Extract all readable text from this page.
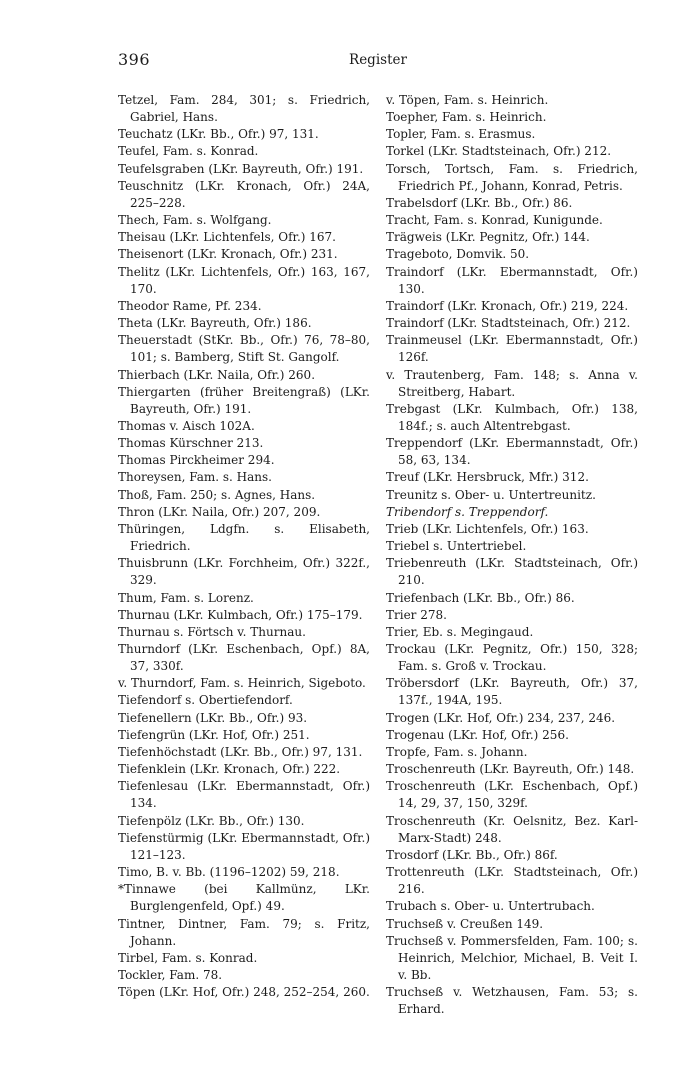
396	Register
Tetzel, Fam. 284, 301; s. Friedrich, Gabriel, Hans.
Teuchatz (LKr. Bb., Ofr.) 97, 131.
Teufel, Fam. s. Konrad.
Teufelsgraben (LKr. Bayreuth, Ofr.) 191.
Teuschnitz (LKr. Kronach, Ofr.) 24A, 225–228.
Thech, Fam. s. Wolfgang.
Theisau (LKr. Lichtenfels, Ofr.) 167.
Theisenort (LKr. Kronach, Ofr.) 231.
Thelitz (LKr. Lichtenfels, Ofr.) 163, 167, 170.
Theodor Rame, Pf. 234.
Theta (LKr. Bayreuth, Ofr.) 186.
Theuerstadt (StKr. Bb., Ofr.) 76, 78–80, 101; s. Bamberg, Stift St. Gangolf.
Thierbach (LKr. Naila, Ofr.) 260.
Thiergarten (früher Breitengraß) (LKr. Bayreuth, Ofr.) 191.
Thomas v. Aisch 102A.
Thomas Kürschner 213.
Thomas Pirckheimer 294.
Thoreysen, Fam. s. Hans.
Thoß, Fam. 250; s. Agnes, Hans.
Thron (LKr. Naila, Ofr.) 207, 209.
Thüringen, Ldgfn. s. Elisabeth, Friedrich.
Thuisbrunn (LKr. Forchheim, Ofr.) 322f., 329.
Thum, Fam. s. Lorenz.
Thurnau (LKr. Kulmbach, Ofr.) 175–179.
Thurnau s. Förtsch v. Thurnau.
Thurndorf (LKr. Eschenbach, Opf.) 8A, 37, 330f.
v. Thurndorf, Fam. s. Heinrich, Sigeboto.
Tiefendorf s. Obertiefendorf.
Tiefenellern (LKr. Bb., Ofr.) 93.
Tiefengrün (LKr. Hof, Ofr.) 251.
Tiefenhöchstadt (LKr. Bb., Ofr.) 97, 131.
Tiefenklein (LKr. Kronach, Ofr.) 222.
Tiefenlesau (LKr. Ebermannstadt, Ofr.) 134.
Tiefenpölz (LKr. Bb., Ofr.) 130.
Tiefenstürmig (LKr. Ebermannstadt, Ofr.) 121–123.
Timo, B. v. Bb. (1196–1202) 59, 218.
*Tinnawe (bei Kallmünz, LKr. Burglengenfeld, Opf.) 49.
Tintner, Dintner, Fam. 79; s. Fritz, Johann.
Tirbel, Fam. s. Konrad.
Tockler, Fam. 78.
Töpen (LKr. Hof, Ofr.) 248, 252–254, 260.
v. Töpen, Fam. s. Heinrich.
Toepher, Fam. s. Heinrich.
Topler, Fam. s. Erasmus.
Torkel (LKr. Stadtsteinach, Ofr.) 212.
Torsch, Tortsch, Fam. s. Friedrich, Friedrich Pf., Johann, Konrad, Petris.
Trabelsdorf (LKr. Bb., Ofr.) 86.
Tracht, Fam. s. Konrad, Kunigunde.
Trägweis (LKr. Pegnitz, Ofr.) 144.
Trageboto, Domvik. 50.
Traindorf (LKr. Ebermannstadt, Ofr.) 130.
Traindorf (LKr. Kronach, Ofr.) 219, 224.
Traindorf (LKr. Stadtsteinach, Ofr.) 212.
Trainmeusel (LKr. Ebermannstadt, Ofr.) 126f.
v. Trautenberg, Fam. 148; s. Anna v. Streitberg, Habart.
Trebgast (LKr. Kulmbach, Ofr.) 138, 184f.; s. auch Altentrebgast.
Treppendorf (LKr. Ebermannstadt, Ofr.) 58, 63, 134.
Treuf (LKr. Hersbruck, Mfr.) 312.
Treunitz s. Ober- u. Untertreunitz.
Tribendorf s. Treppendorf.
Trieb (LKr. Lichtenfels, Ofr.) 163.
Triebel s. Untertriebel.
Triebenreuth (LKr. Stadtsteinach, Ofr.) 210.
Triefenbach (LKr. Bb., Ofr.) 86.
Trier 278.
Trier, Eb. s. Megingaud.
Trockau (LKr. Pegnitz, Ofr.) 150, 328; Fam. s. Groß v. Trockau.
Tröbersdorf (LKr. Bayreuth, Ofr.) 37, 137f., 194A, 195.
Trogen (LKr. Hof, Ofr.) 234, 237, 246.
Trogenau (LKr. Hof, Ofr.) 256.
Tropfe, Fam. s. Johann.
Troschenreuth (LKr. Bayreuth, Ofr.) 148.
Troschenreuth (LKr. Eschenbach, Opf.) 14, 29, 37, 150, 329f.
Troschenreuth (Kr. Oelsnitz, Bez. Karl-Marx-Stadt) 248.
Trosdorf (LKr. Bb., Ofr.) 86f.
Trottenreuth (LKr. Stadtsteinach, Ofr.) 216.
Trubach s. Ober- u. Untertrubach.
Truchseß v. Creußen 149.
Truchseß v. Pommersfelden, Fam. 100; s. Heinrich, Melchior, Michael, B. Veit I. v. Bb.
Truchseß v. Wetzhausen, Fam. 53; s. Erhard.
